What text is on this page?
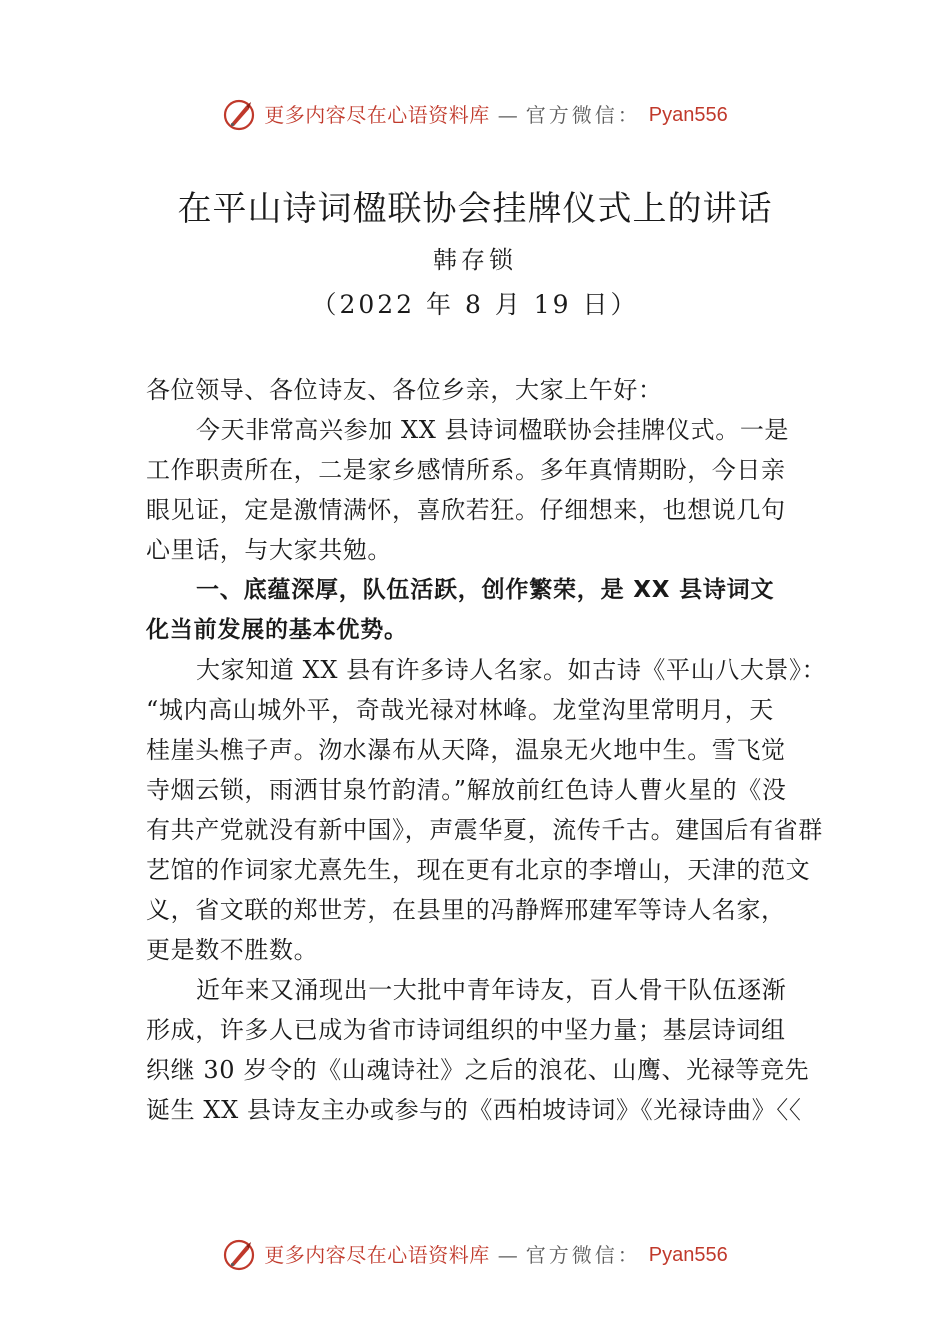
更多内容尽在心语资料库 — 官方微信： Pyan556
在平山诗词楹联协会挂牌仪式上的讲话
韩存锁
（2022 年 8 月 19 日）
各位领导、各位诗友、各位乡亲，大家上午好：
今天非常高兴参加 XX 县诗词楹联协会挂牌仪式。一是
工作职责所在，二是家乡感情所系。多年真情期盼，今日亲
眼见证，定是激情满怀，喜欣若狂。仔细想来，也想说几句
心里话，与大家共勉。
一、底蕴深厚，队伍活跃，创作繁荣，是 XX 县诗词文
化当前发展的基本优势。
大家知道 XX 县有许多诗人名家。如古诗《平山八大景》：
“城内高山城外平，奇哉光禄对林峰。龙堂沟里常明月，天
桂崖头樵子声。沕水瀑布从天降，温泉无火地中生。雪飞觉
寺烟云锁，雨洒甘泉竹韵清。”解放前红色诗人曹火星的《没
有共产党就没有新中国》，声震华夏，流传千古。建国后有省群
艺馆的作词家尤熹先生，现在更有北京的李增山，天津的范文
义，省文联的郑世芳，在县里的冯静辉邢建军等诗人名家，
更是数不胜数。
近年来又涌现出一大批中青年诗友，百人骨干队伍逐渐
形成，许多人已成为省市诗词组织的中坚力量；基层诗词组
织继 30 岁令的《山魂诗社》之后的浪花、山鹰、光禄等竞先
诞生 XX 县诗友主办或参与的《西柏坡诗词》《光禄诗曲》〈〈
更多内容尽在心语资料库 — 官方微信： Pyan556
